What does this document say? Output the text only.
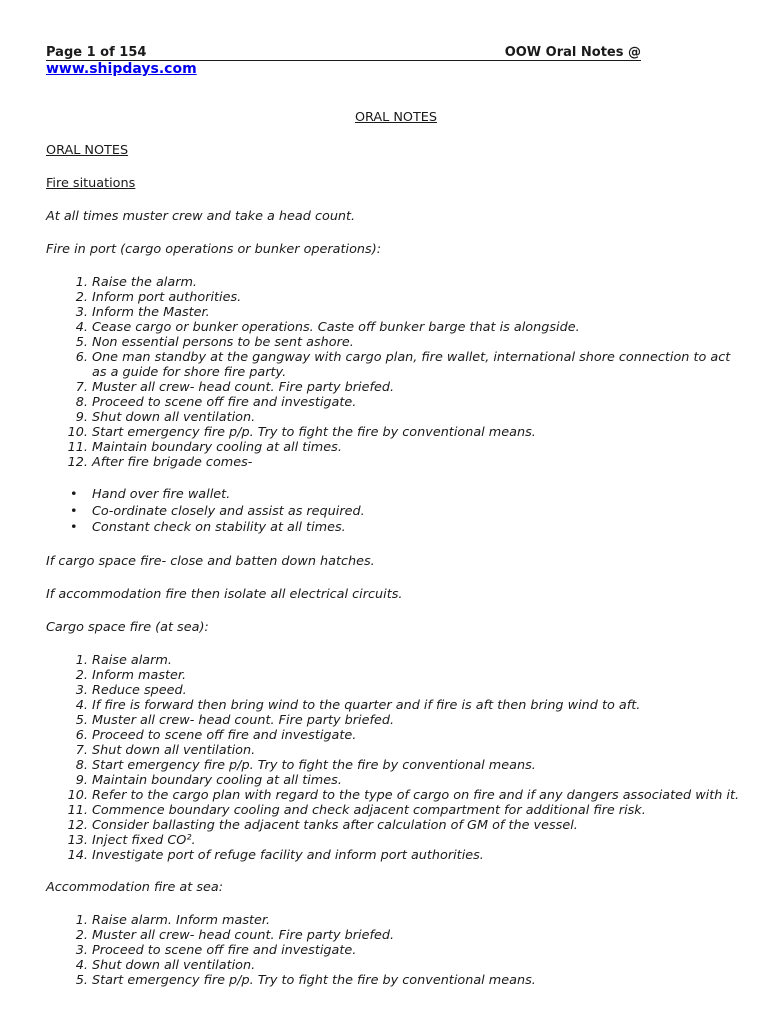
Page 1 of 154	OOW Oral Notes @
www.shipdays.com

ORAL NOTES

ORAL NOTES

Fire situations

At all times muster crew and take a head count.

Fire in port (cargo operations or bunker operations):

1. Raise the alarm.
2. Inform port authorities.
3. Inform the Master.
4. Cease cargo or bunker operations. Caste off bunker barge that is alongside.
5. Non essential persons to be sent ashore.
6. One man standby at the gangway with cargo plan, fire wallet, international shore connection to act as a guide for shore fire party.
7. Muster all crew- head count. Fire party briefed.
8. Proceed to scene off fire and investigate.
9. Shut down all ventilation.
10. Start emergency fire p/p. Try to fight the fire by conventional means.
11. Maintain boundary cooling at all times.
12. After fire brigade comes-
• Hand over fire wallet.
• Co-ordinate closely and assist as required.
• Constant check on stability at all times.

If cargo space fire- close and batten down hatches.

If accommodation fire then isolate all electrical circuits.

Cargo space fire (at sea):

1. Raise alarm.
2. Inform master.
3. Reduce speed.
4. If fire is forward then bring wind to the quarter and if fire is aft then bring wind to aft.
5. Muster all crew- head count. Fire party briefed.
6. Proceed to scene off fire and investigate.
7. Shut down all ventilation.
8. Start emergency fire p/p. Try to fight the fire by conventional means.
9. Maintain boundary cooling at all times.
10. Refer to the cargo plan with regard to the type of cargo on fire and if any dangers associated with it.
11. Commence boundary cooling and check adjacent compartment for additional fire risk.
12. Consider ballasting the adjacent tanks after calculation of GM of the vessel.
13. Inject fixed CO².
14. Investigate port of refuge facility and inform port authorities.

Accommodation fire at sea:

1. Raise alarm. Inform master.
2. Muster all crew- head count. Fire party briefed.
3. Proceed to scene off fire and investigate.
4. Shut down all ventilation.
5. Start emergency fire p/p. Try to fight the fire by conventional means.
